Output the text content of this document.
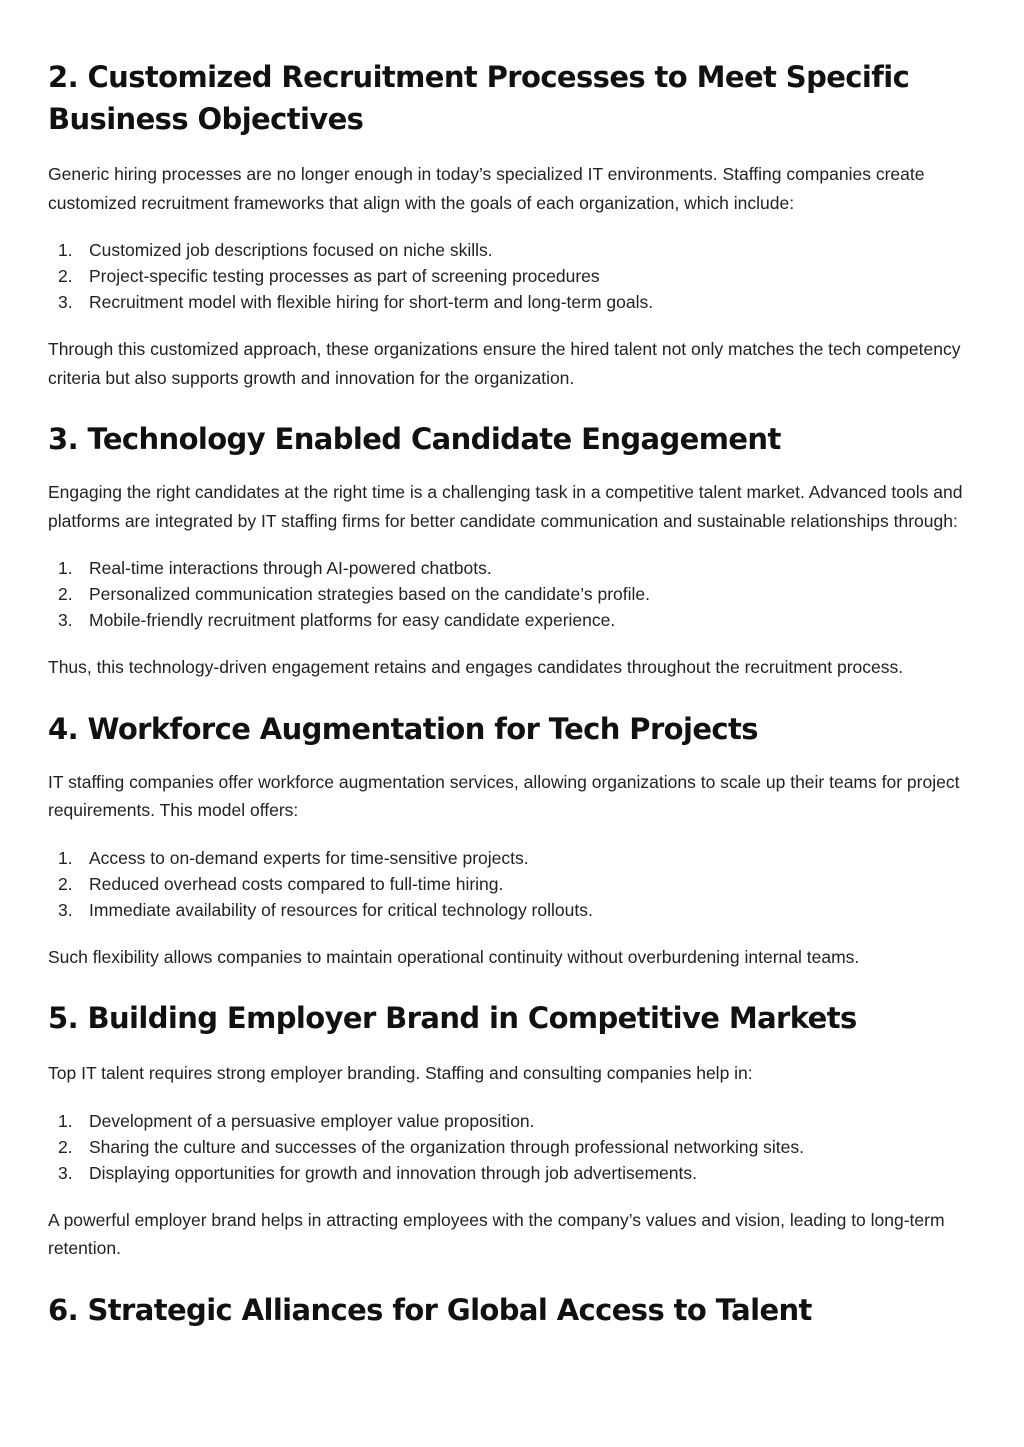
2. Customized Recruitment Processes to Meet Specific Business Objectives

Generic hiring processes are no longer enough in today’s specialized IT environments. Staffing companies create customized recruitment frameworks that align with the goals of each organization, which include:

1. Customized job descriptions focused on niche skills.
2. Project-specific testing processes as part of screening procedures
3. Recruitment model with flexible hiring for short-term and long-term goals.

Through this customized approach, these organizations ensure the hired talent not only matches the tech competency criteria but also supports growth and innovation for the organization.

3. Technology Enabled Candidate Engagement

Engaging the right candidates at the right time is a challenging task in a competitive talent market. Advanced tools and platforms are integrated by IT staffing firms for better candidate communication and sustainable relationships through:

1. Real-time interactions through AI-powered chatbots.
2. Personalized communication strategies based on the candidate’s profile.
3. Mobile-friendly recruitment platforms for easy candidate experience.

Thus, this technology-driven engagement retains and engages candidates throughout the recruitment process.

4. Workforce Augmentation for Tech Projects

IT staffing companies offer workforce augmentation services, allowing organizations to scale up their teams for project requirements. This model offers:

1. Access to on-demand experts for time-sensitive projects.
2. Reduced overhead costs compared to full-time hiring.
3. Immediate availability of resources for critical technology rollouts.

Such flexibility allows companies to maintain operational continuity without overburdening internal teams.

5. Building Employer Brand in Competitive Markets

Top IT talent requires strong employer branding. Staffing and consulting companies help in:

1. Development of a persuasive employer value proposition.
2. Sharing the culture and successes of the organization through professional networking sites.
3. Displaying opportunities for growth and innovation through job advertisements.

A powerful employer brand helps in attracting employees with the company’s values and vision, leading to long-term retention.

6. Strategic Alliances for Global Access to Talent
